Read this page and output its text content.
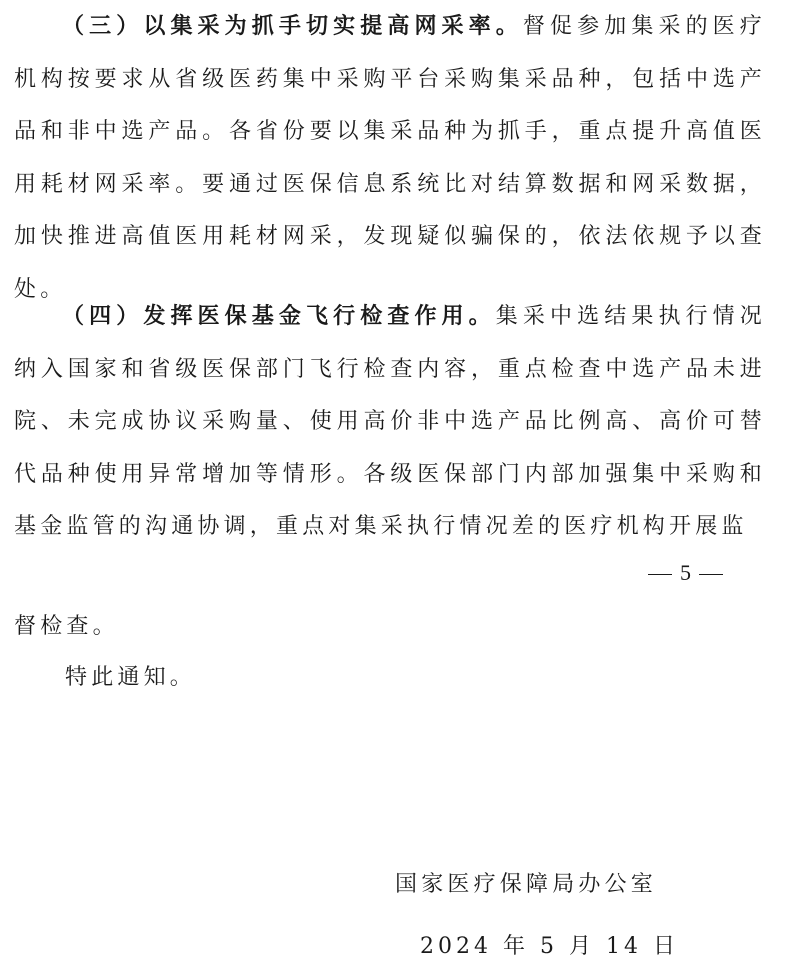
（三）以集采为抓手切实提高网采率。督促参加集采的医疗机构按要求从省级医药集中采购平台采购集采品种，包括中选产品和非中选产品。各省份要以集采品种为抓手，重点提升高值医用耗材网采率。要通过医保信息系统比对结算数据和网采数据，加快推进高值医用耗材网采，发现疑似骗保的，依法依规予以查处。

（四）发挥医保基金飞行检查作用。集采中选结果执行情况纳入国家和省级医保部门飞行检查内容，重点检查中选产品未进院、未完成协议采购量、使用高价非中选产品比例高、高价可替代品种使用异常增加等情形。各级医保部门内部加强集中采购和基金监管的沟通协调，重点对集采执行情况差的医疗机构开展监

5

督检查。

特此通知。

国家医疗保障局办公室
2024 年 5 月 14 日
